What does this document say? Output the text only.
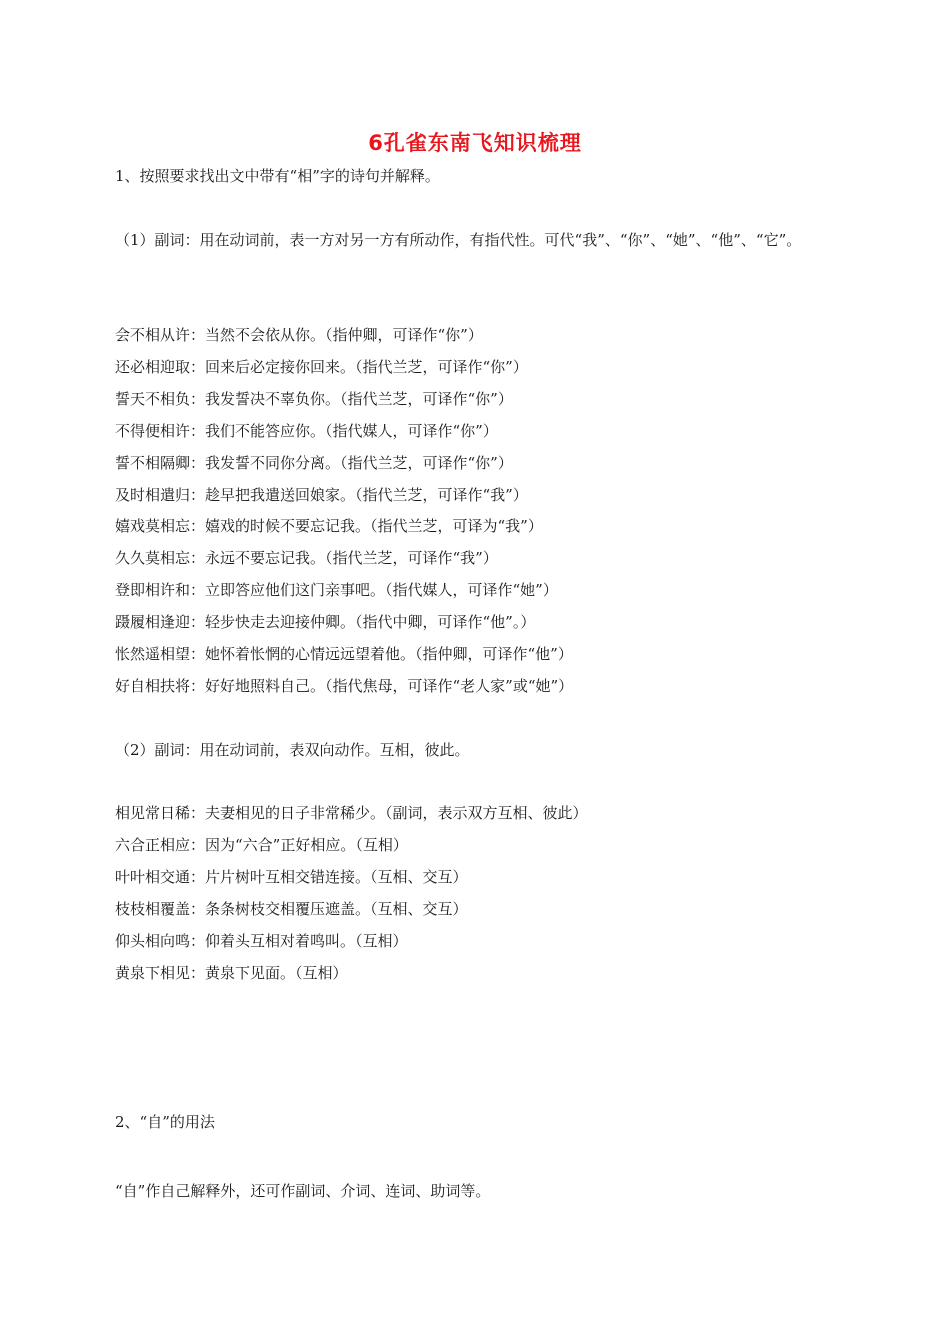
6孔雀东南飞知识梳理
1、按照要求找出文中带有“相”字的诗句并解释。
（1）副词：用在动词前，表一方对另一方有所动作，有指代性。可代“我”、“你”、“她”、“他”、“它”。
会不相从许：当然不会依从你。（指仲卿，可译作“你”）
还必相迎取：回来后必定接你回来。（指代兰芝，可译作“你”）
誓天不相负：我发誓决不辜负你。（指代兰芝，可译作“你”）
不得便相许：我们不能答应你。（指代媒人，可译作“你”）
誓不相隔卿：我发誓不同你分离。（指代兰芝，可译作“你”）
及时相遣归：趁早把我遣送回娘家。（指代兰芝，可译作“我”）
嬉戏莫相忘：嬉戏的时候不要忘记我。（指代兰芝，可译为“我”）
久久莫相忘：永远不要忘记我。（指代兰芝，可译作“我”）
登即相许和：立即答应他们这门亲事吧。（指代媒人，可译作“她”）
蹑履相逢迎：轻步快走去迎接仲卿。（指代中卿，可译作“他”。）
怅然遥相望：她怀着怅惘的心情远远望着他。（指仲卿，可译作“他”）
好自相扶将：好好地照料自己。（指代焦母，可译作“老人家”或“她”）
（2）副词：用在动词前，表双向动作。互相，彼此。
相见常日稀：夫妻相见的日子非常稀少。（副词，表示双方互相、彼此）
六合正相应：因为“六合”正好相应。（互相）
叶叶相交通：片片树叶互相交错连接。（互相、交互）
枝枝相覆盖：条条树枝交相覆压遮盖。（互相、交互）
仰头相向鸣：仰着头互相对着鸣叫。（互相）
黄泉下相见：黄泉下见面。（互相）
2、“自”的用法
“自”作自己解释外，还可作副词、介词、连词、助词等。
